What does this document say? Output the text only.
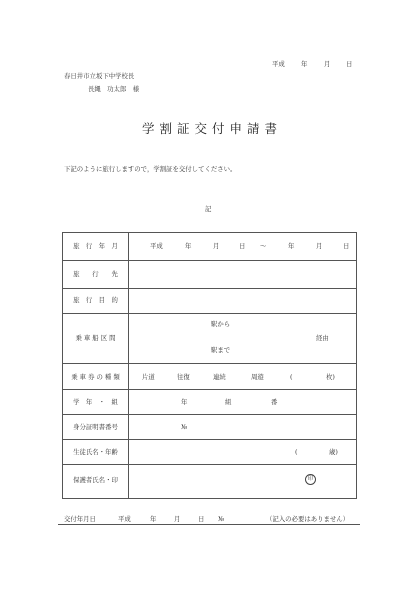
平成	年	月 日
春日井市立坂下中学校長
長縄　功太郎　様
学割証交付申請書
下記のように旅行しますので，学割証を交付してください。
記
旅　行　年　月	平成	年	月	日 〜	年	月	日
旅　　行　　先
旅　行　目　的
乗 車 船 区 間
駅から
経由
駅まで
乗 車 券 の 種 類	片道	往復	連続	周遊	(	枚)
学　年　・　組	年	組	番
身分証明書番号	№
生徒氏名・年齢	(	歳)
保護者氏名・印	印
交付年月日	平成	年	月	日 №	（記入の必要はありません）
